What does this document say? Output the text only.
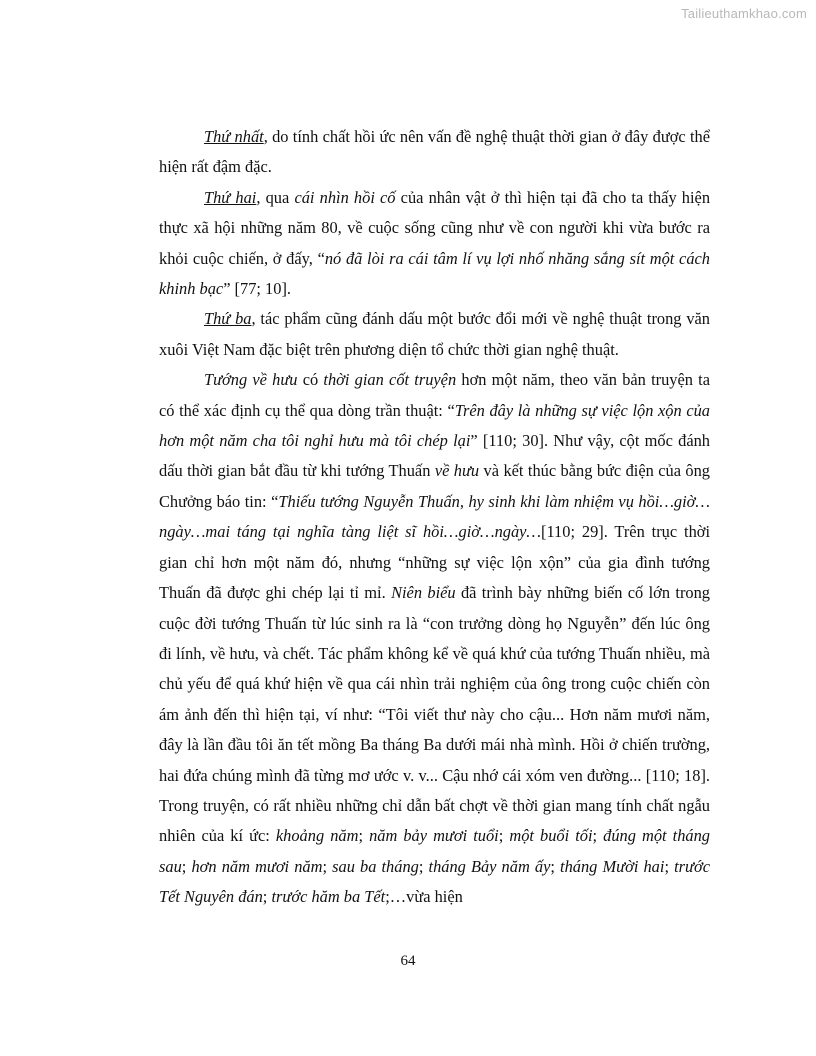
Tailieuthamkhao.com

Thứ nhất, do tính chất hồi ức nên vấn đề nghệ thuật thời gian ở đây được thể hiện rất đậm đặc.

Thứ hai, qua cái nhìn hồi cố của nhân vật ở thì hiện tại đã cho ta thấy hiện thực xã hội những năm 80, về cuộc sống cũng như về con người khi vừa bước ra khỏi cuộc chiến, ở đấy, “nó đã lòi ra cái tâm lí vụ lợi nhố nhăng sắng sít một cách khinh bạc” [77; 10].

Thứ ba, tác phẩm cũng đánh dấu một bước đổi mới về nghệ thuật trong văn xuôi Việt Nam đặc biệt trên phương diện tổ chức thời gian nghệ thuật.

Tướng về hưu có thời gian cốt truyện hơn một năm, theo văn bản truyện ta có thể xác định cụ thể qua dòng trần thuật: “Trên đây là những sự việc lộn xộn của hơn một năm cha tôi nghỉ hưu mà tôi chép lại” [110; 30]. Như vậy, cột mốc đánh dấu thời gian bắt đầu từ khi tướng Thuấn về hưu và kết thúc bằng bức điện của ông Chưởng báo tin: “Thiếu tướng Nguyễn Thuấn, hy sinh khi làm nhiệm vụ hồi…giờ…ngày…mai táng tại nghĩa tàng liệt sĩ hồi…giờ…ngày…[110; 29]. Trên trục thời gian chỉ hơn một năm đó, nhưng “những sự việc lộn xộn” của gia đình tướng Thuấn đã được ghi chép lại tỉ mỉ. Niên biểu đã trình bày những biến cố lớn trong cuộc đời tướng Thuấn từ lúc sinh ra là “con trưởng dòng họ Nguyễn” đến lúc ông đi lính, về hưu, và chết. Tác phẩm không kể về quá khứ của tướng Thuấn nhiều, mà chủ yếu để quá khứ hiện về qua cái nhìn trải nghiệm của ông trong cuộc chiến còn ám ảnh đến thì hiện tại, ví như: “Tôi viết thư này cho cậu... Hơn năm mươi năm, đây là lần đầu tôi ăn tết mồng Ba tháng Ba dưới mái nhà mình. Hồi ở chiến trường, hai đứa chúng mình đã từng mơ ước v. v... Cậu nhớ cái xóm ven đường... [110; 18]. Trong truyện, có rất nhiều những chỉ dẫn bất chợt về thời gian mang tính chất ngẫu nhiên của kí ức: khoảng năm; năm bảy mươi tuổi; một buổi tối; đúng một tháng sau; hơn năm mươi năm; sau ba tháng; tháng Bảy năm ấy; tháng Mười hai; trước Tết Nguyên đán; trước hăm ba Tết;…vừa hiện

64
